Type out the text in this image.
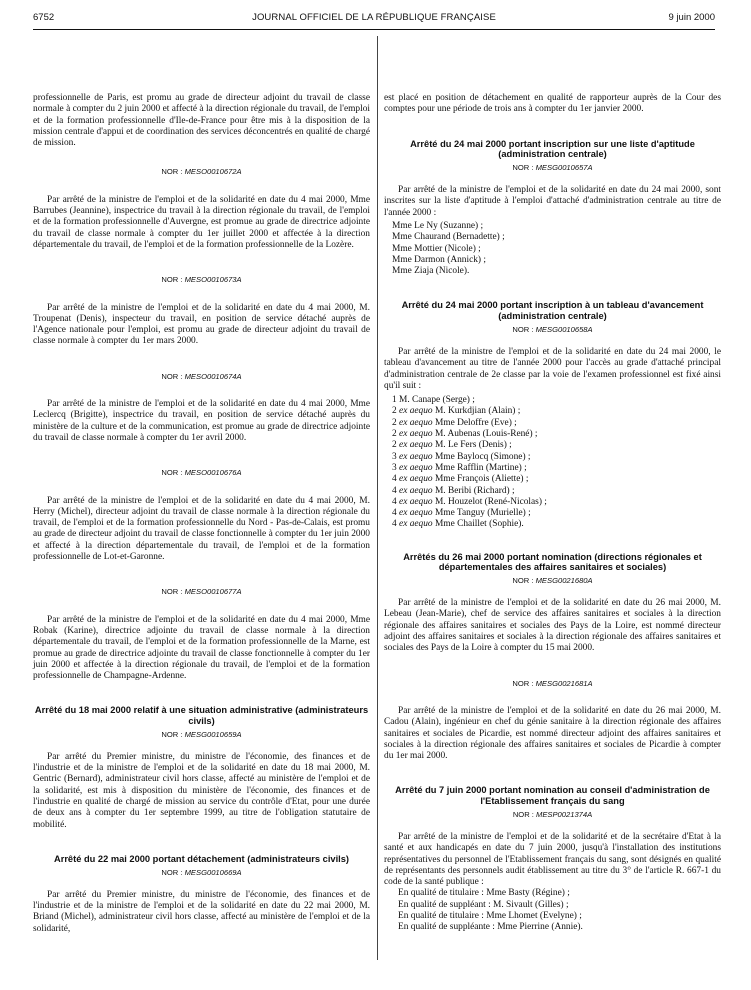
6752	JOURNAL OFFICIEL DE LA RÉPUBLIQUE FRANÇAISE	9 juin 2000

professionnelle de Paris, est promu au grade de directeur adjoint du travail de classe normale à compter du 2 juin 2000 et affecté à la direction régionale du travail, de l'emploi et de la formation professionnelle d'Ile-de-France pour être mis à la disposition de la mission centrale d'appui et de coordination des services déconcentrés en qualité de chargé de mission.

NOR : MESO0010672A

Par arrêté de la ministre de l'emploi et de la solidarité en date du 4 mai 2000, Mme Barrubes (Jeannine), inspectrice du travail à la direction régionale du travail, de l'emploi et de la formation professionnelle d'Auvergne, est promue au grade de directrice adjointe du travail de classe normale à compter du 1er juillet 2000 et affectée à la direction départementale du travail, de l'emploi et de la formation professionnelle de la Lozère.

NOR : MESO0010673A

Par arrêté de la ministre de l'emploi et de la solidarité en date du 4 mai 2000, M. Troupenat (Denis), inspecteur du travail, en position de service détaché auprès de l'Agence nationale pour l'emploi, est promu au grade de directeur adjoint du travail de classe normale à compter du 1er mars 2000.

NOR : MESO0010674A

Par arrêté de la ministre de l'emploi et de la solidarité en date du 4 mai 2000, Mme Leclercq (Brigitte), inspectrice du travail, en position de service détaché auprès du ministère de la culture et de la communication, est promue au grade de directrice adjointe du travail de classe normale à compter du 1er avril 2000.

NOR : MESO0010676A

Par arrêté de la ministre de l'emploi et de la solidarité en date du 4 mai 2000, M. Herry (Michel), directeur adjoint du travail de classe normale à la direction régionale du travail, de l'emploi et de la formation professionnelle du Nord - Pas-de-Calais, est promu au grade de directeur adjoint du travail de classe fonctionnelle à compter du 1er juin 2000 et affecté à la direction départementale du travail, de l'emploi et de la formation professionnelle de Lot-et-Garonne.

NOR : MESO0010677A

Par arrêté de la ministre de l'emploi et de la solidarité en date du 4 mai 2000, Mme Robak (Karine), directrice adjointe du travail de classe normale à la direction départementale du travail, de l'emploi et de la formation professionnelle de la Marne, est promue au grade de directrice adjointe du travail de classe fonctionnelle à compter du 1er juin 2000 et affectée à la direction régionale du travail, de l'emploi et de la formation professionnelle de Champagne-Ardenne.

Arrêté du 18 mai 2000 relatif à une situation administrative (administrateurs civils)

NOR : MESG0010659A

Par arrêté du Premier ministre, du ministre de l'économie, des finances et de l'industrie et de la ministre de l'emploi et de la solidarité en date du 18 mai 2000, M. Gentric (Bernard), administrateur civil hors classe, affecté au ministère de l'emploi et de la solidarité, est mis à disposition du ministère de l'économie, des finances et de l'industrie en qualité de chargé de mission au service du contrôle d'Etat, pour une durée de deux ans à compter du 1er septembre 1999, au titre de l'obligation statutaire de mobilité.

Arrêté du 22 mai 2000 portant détachement (administrateurs civils)

NOR : MESG0010669A

Par arrêté du Premier ministre, du ministre de l'économie, des finances et de l'industrie et de la ministre de l'emploi et de la solidarité en date du 22 mai 2000, M. Briand (Michel), administrateur civil hors classe, affecté au ministère de l'emploi et de la solidarité,

est placé en position de détachement en qualité de rapporteur auprès de la Cour des comptes pour une période de trois ans à compter du 1er janvier 2000.

Arrêté du 24 mai 2000 portant inscription sur une liste d'aptitude (administration centrale)

NOR : MESG0010657A

Par arrêté de la ministre de l'emploi et de la solidarité en date du 24 mai 2000, sont inscrites sur la liste d'aptitude à l'emploi d'attaché d'administration centrale au titre de l'année 2000 :

Mme Le Ny (Suzanne) ;
Mme Chaurand (Bernadette) ;
Mme Mottier (Nicole) ;
Mme Darmon (Annick) ;
Mme Ziaja (Nicole).

Arrêté du 24 mai 2000 portant inscription à un tableau d'avancement (administration centrale)

NOR : MESG0010658A

Par arrêté de la ministre de l'emploi et de la solidarité en date du 24 mai 2000, le tableau d'avancement au titre de l'année 2000 pour l'accès au grade d'attaché principal d'administration centrale de 2e classe par la voie de l'examen professionnel est fixé ainsi qu'il suit :

1 M. Canape (Serge) ;
2 ex aequo M. Kurkdjian (Alain) ;
2 ex aequo Mme Deloffre (Eve) ;
2 ex aequo M. Aubenas (Louis-René) ;
2 ex aequo M. Le Fers (Denis) ;
3 ex aequo Mme Baylocq (Simone) ;
3 ex aequo Mme Rafflin (Martine) ;
4 ex aequo Mme François (Aliette) ;
4 ex aequo M. Beribi (Richard) ;
4 ex aequo M. Houzelot (René-Nicolas) ;
4 ex aequo Mme Tanguy (Murielle) ;
4 ex aequo Mme Chaillet (Sophie).

Arrêtés du 26 mai 2000 portant nomination (directions régionales et départementales des affaires sanitaires et sociales)

NOR : MESG0021680A

Par arrêté de la ministre de l'emploi et de la solidarité en date du 26 mai 2000, M. Lebeau (Jean-Marie), chef de service des affaires sanitaires et sociales à la direction régionale des affaires sanitaires et sociales des Pays de la Loire, est nommé directeur adjoint des affaires sanitaires et sociales à la direction régionale des affaires sanitaires et sociales des Pays de la Loire à compter du 15 mai 2000.

NOR : MESG0021681A

Par arrêté de la ministre de l'emploi et de la solidarité en date du 26 mai 2000, M. Cadou (Alain), ingénieur en chef du génie sanitaire à la direction régionale des affaires sanitaires et sociales de Picardie, est nommé directeur adjoint des affaires sanitaires et sociales à la direction régionale des affaires sanitaires et sociales de Picardie à compter du 1er mai 2000.

Arrêté du 7 juin 2000 portant nomination au conseil d'administration de l'Etablissement français du sang

NOR : MESP0021374A

Par arrêté de la ministre de l'emploi et de la solidarité et de la secrétaire d'Etat à la santé et aux handicapés en date du 7 juin 2000, jusqu'à l'installation des institutions représentatives du personnel de l'Etablissement français du sang, sont désignés en qualité de représentants des personnels audit établissement au titre du 3° de l'article R. 667-1 du code de la santé publique :

En qualité de titulaire : Mme Basty (Régine) ;

En qualité de suppléant : M. Sivault (Gilles) ;

En qualité de titulaire : Mme Lhomet (Evelyne) ;

En qualité de suppléante : Mme Pierrine (Annie).
